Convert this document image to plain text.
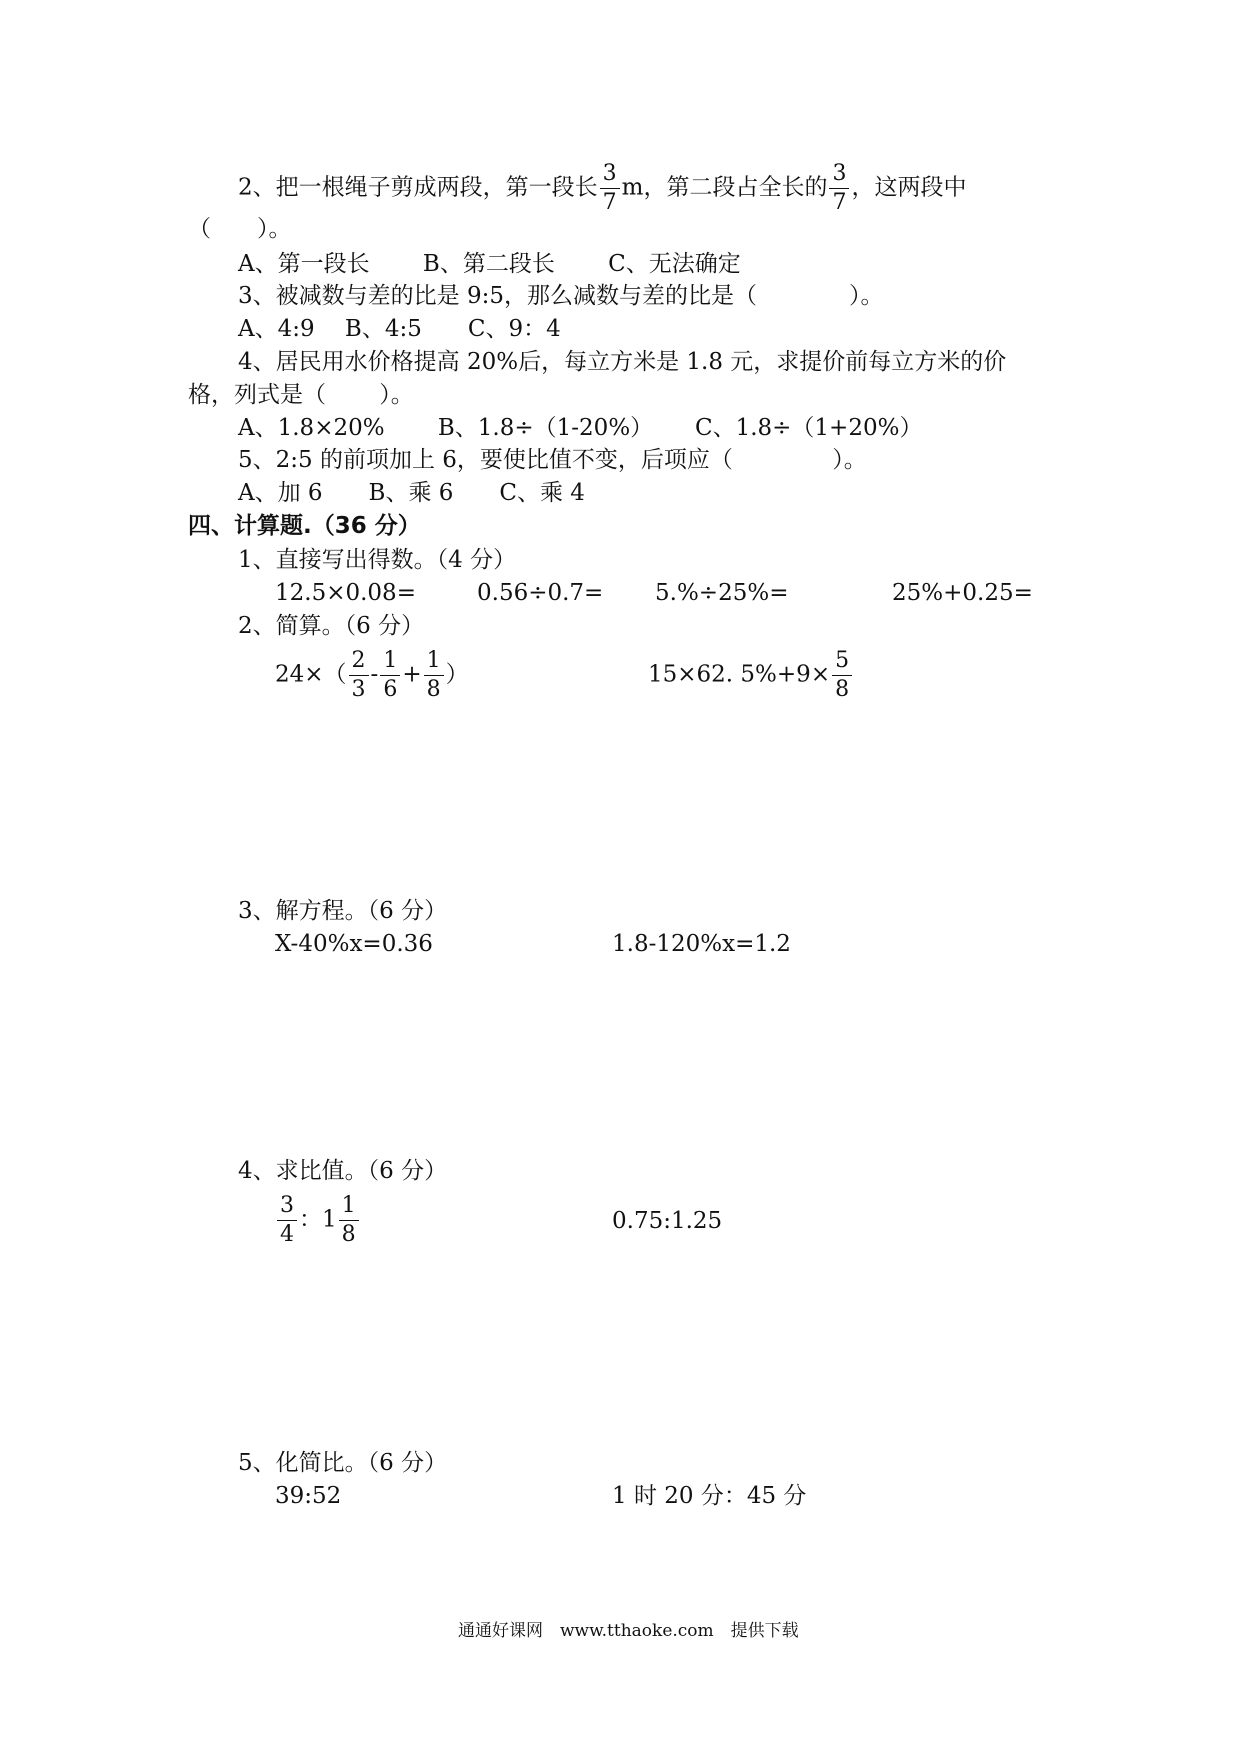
2、把一根绳子剪成两段，第一段长 $\frac{3}{7}$ m，第二段占全长的 $\frac{3}{7}$ ，这两段中
（　　）。
A、第一段长　　 B、第二段长　　 C、无法确定
3、被减数与差的比是 9:5，那么减数与差的比是（　　　　）。
A、4:9　 B、4:5　　C、9：4
4、居民用水价格提高 20%后，每立方米是 1.8 元，求提价前每立方米的价
格，列式是（　　 ）。
A、1.8×20%　　 B、1.8÷（1-20%）　　 C、1.8÷（1+20%）
5、2:5 的前项加上 6，要使比值不变，后项应（　　　　 ）。
A、加 6　　B、乘 6　　C、乘 4
四、计算题.（36 分）
1、直接写出得数。（4 分）
12.5×0.08=	0.56÷0.7= 5.%÷25%=	25%+0.25=
2、简算。（6 分）
$24\times( \frac{2}{3} - \frac{1}{6} + \frac{1}{8}$ ）	15×62. $5\%+9\times \frac{5}{8}$
3、解方程。（6 分）
X-40%x=0.36	1.8-120%x=1.2
4、求比值。（6 分）
$\frac{3}{4}$ ：$1 \frac{1}{8}$	0.75:1.25
5、化简比。（6 分）
39:52	1 时 20 分：45 分
通通好课网　www.tthaoke.com　提供下载
